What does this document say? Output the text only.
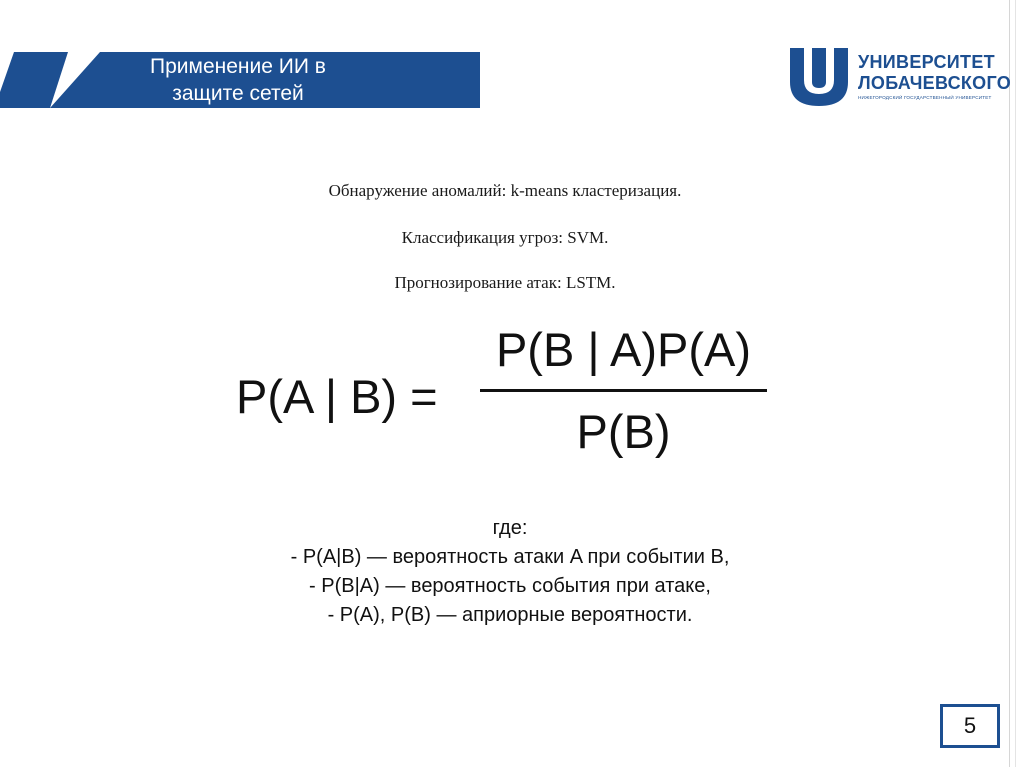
Применение ИИ в
защите сетей
УНИВЕРСИТЕТ
ЛОБАЧЕВСКОГО
НИЖЕГОРОДСКИЙ ГОСУДАРСТВЕННЫЙ УНИВЕРСИТЕТ
Обнаружение аномалий: k-means кластеризация.
Классификация угроз: SVM.
Прогнозирование атак: LSTM.
P(A | B) =
P(B | A)P(A)
P(B)
где:
- P(A|B) — вероятность атаки A при событии B,
- P(B|A) — вероятность события при атаке,
- P(A), P(B) — априорные вероятности.
5
